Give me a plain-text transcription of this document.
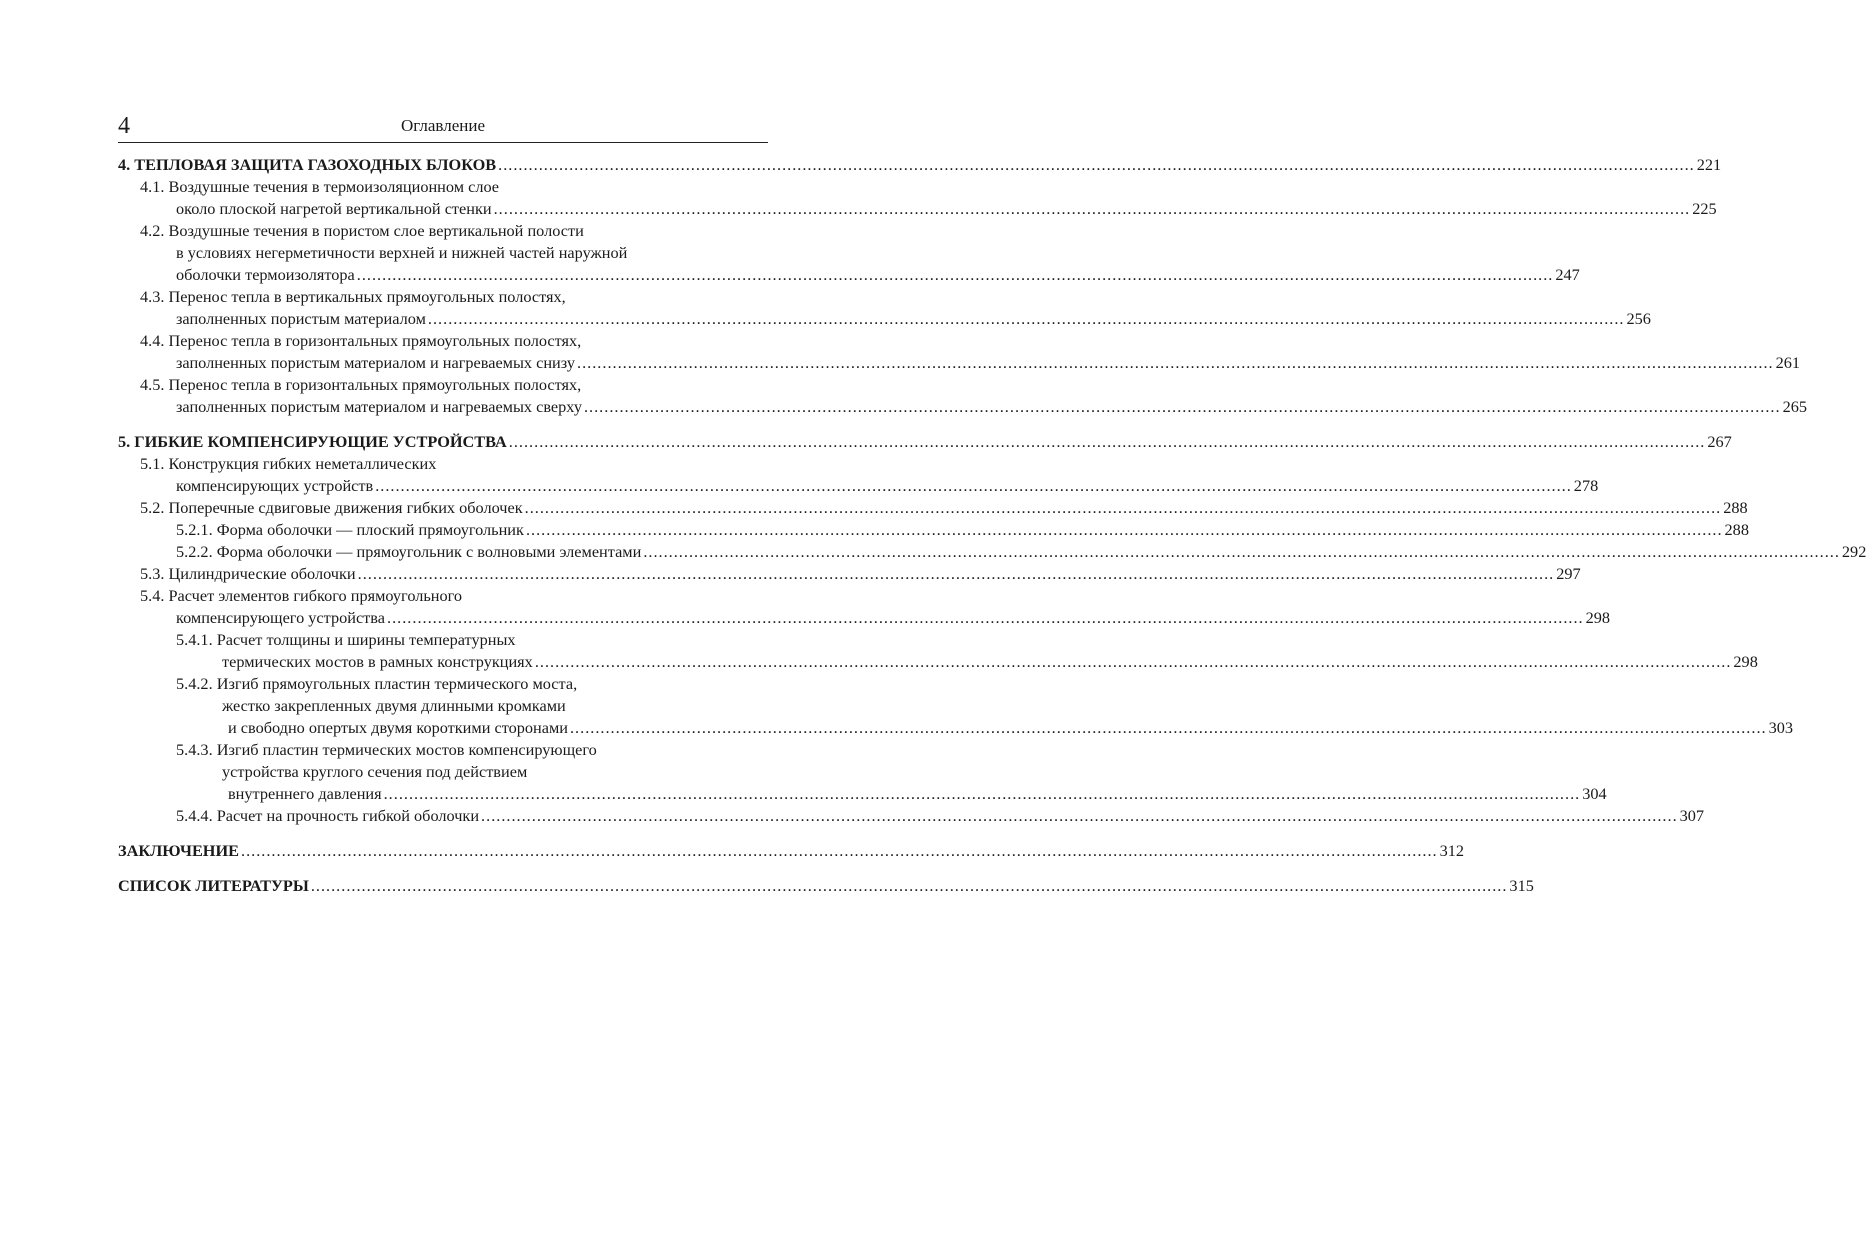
4	Оглавление
4. ТЕПЛОВАЯ ЗАЩИТА ГАЗОХОДНЫХ БЛОКОВ .....	221
4.1. Воздушные течения в термоизоляционном слое
около плоской нагретой вертикальной стенки .....	225
4.2. Воздушные течения в пористом слое вертикальной полости
в условиях негерметичности верхней и нижней частей наружной
оболочки термоизолятора .....	247
4.3. Перенос тепла в вертикальных прямоугольных полостях,
заполненных пористым материалом .....	256
4.4. Перенос тепла в горизонтальных прямоугольных полостях,
заполненных пористым материалом и нагреваемых снизу .....	261
4.5. Перенос тепла в горизонтальных прямоугольных полостях,
заполненных пористым материалом и нагреваемых сверху .....	265
5. ГИБКИЕ КОМПЕНСИРУЮЩИЕ УСТРОЙСТВА .....	267
5.1. Конструкция гибких неметаллических
компенсирующих устройств .....	278
5.2. Поперечные сдвиговые движения гибких оболочек .....	288
5.2.1. Форма оболочки — плоский прямоугольник .....	288
5.2.2. Форма оболочки — прямоугольник с волновыми элементами .....	292
5.3. Цилиндрические оболочки .....	297
5.4. Расчет элементов гибкого прямоугольного
компенсирующего устройства .....	298
5.4.1. Расчет толщины и ширины температурных
термических мостов в рамных конструкциях .....	298
5.4.2. Изгиб прямоугольных пластин термического моста,
жестко закрепленных двумя длинными кромками
и свободно опертых двумя короткими сторонами .....	303
5.4.3. Изгиб пластин термических мостов компенсирующего
устройства круглого сечения под действием
внутреннего давления .....	304
5.4.4. Расчет на прочность гибкой оболочки .....	307
ЗАКЛЮЧЕНИЕ .....	312
СПИСОК ЛИТЕРАТУРЫ .....	315
